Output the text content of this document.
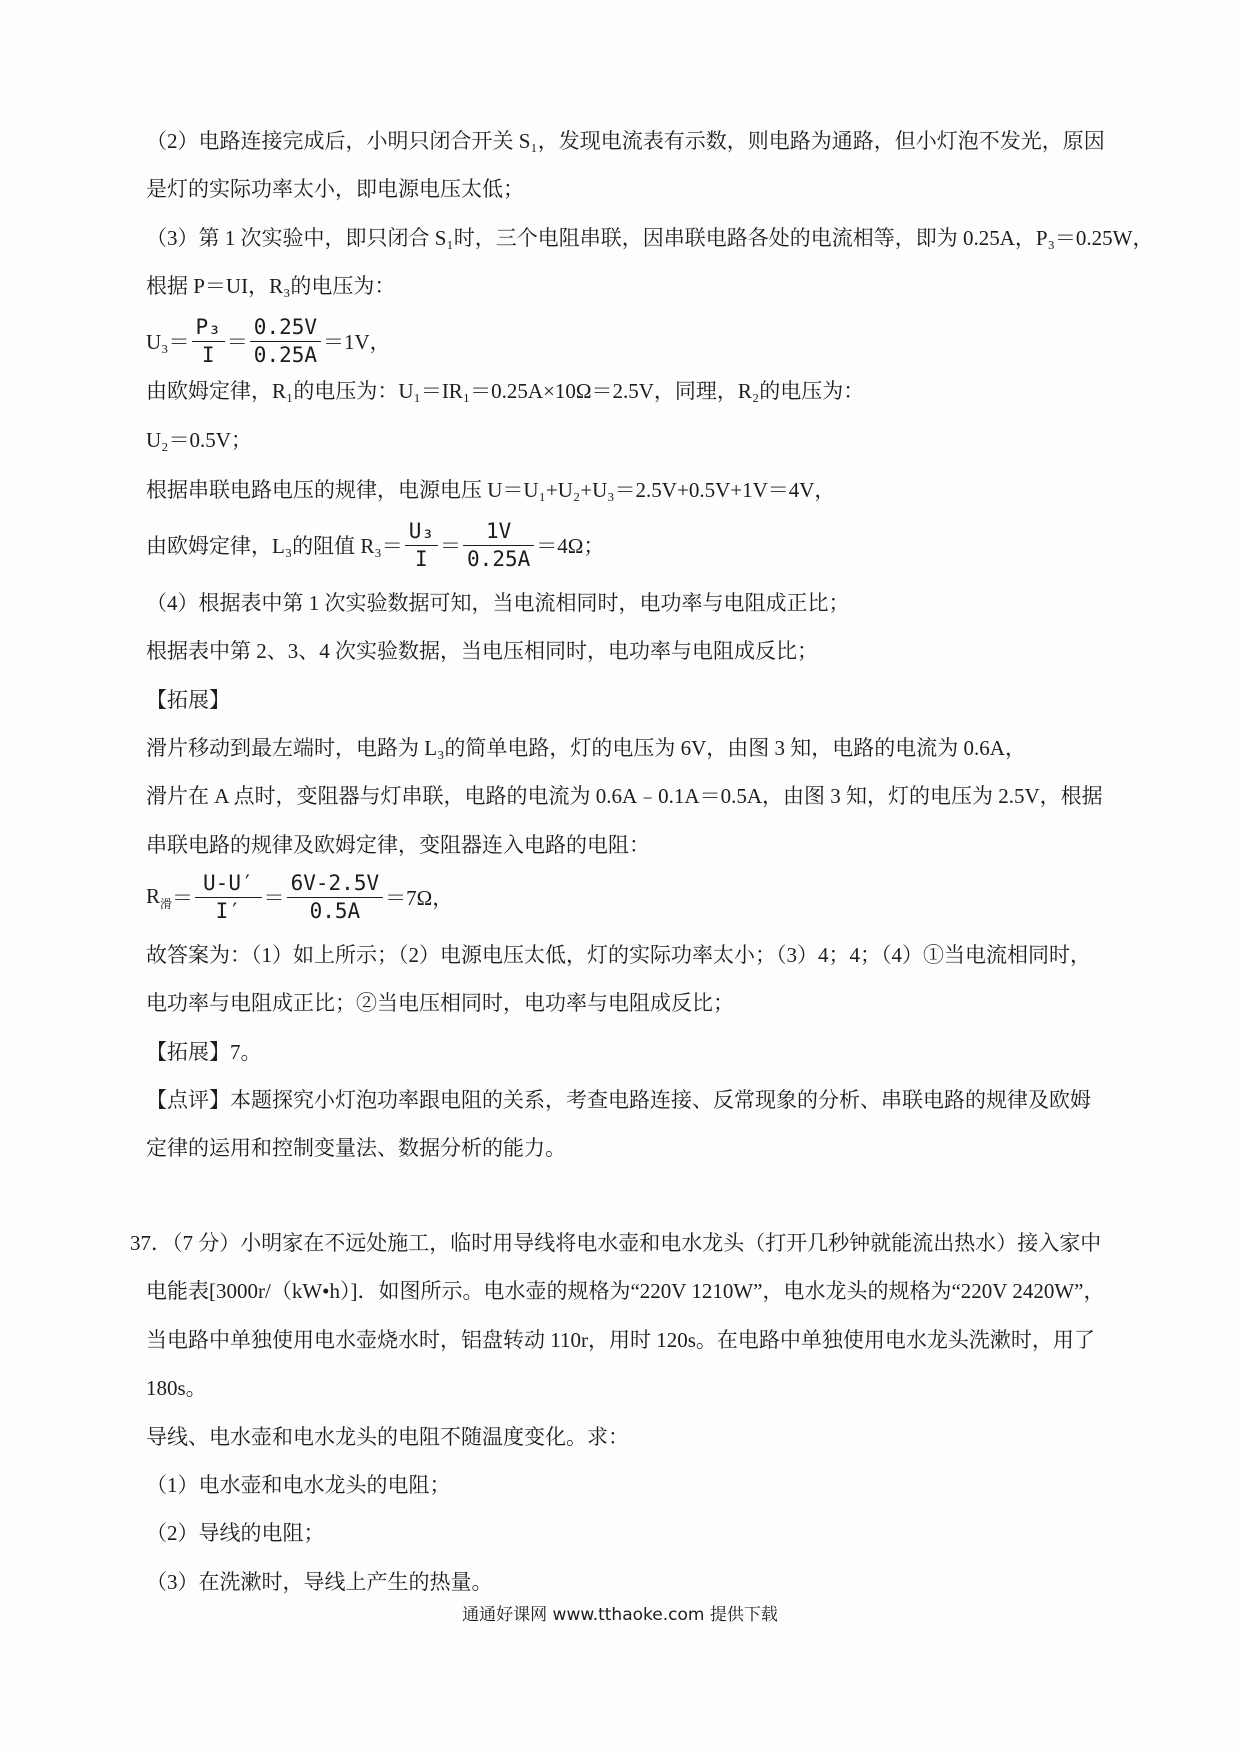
（2）电路连接完成后，小明只闭合开关 S₁，发现电流表有示数，则电路为通路，但小灯泡不发光，原因
是灯的实际功率太小，即电源电压太低；
（3）第 1 次实验中，即只闭合 S₁时，三个电阻串联，因串联电路各处的电流相等，即为 0.25A，P₃＝0.25W，
根据 P＝UI，R₃的电压为：
$U_3= \frac{\text{P₃}}{I} = \frac{0.25V}{0.25A} =1V$，
由欧姆定律，R₁的电压为：U₁＝IR₁＝0.25A×10Ω＝2.5V，同理，R₂的电压为：
U₂＝0.5V；
根据串联电路电压的规律，电源电压 U＝U₁+U₂+U₃＝2.5V+0.5V+1V＝4V，
由欧姆定律，L₃的阻值 $R_3= \frac{\text{U₃}}{I} = \frac{1V}{0.25A} =4\Omega$；
（4）根据表中第 1 次实验数据可知，当电流相同时，电功率与电阻成正比；
根据表中第 2、3、4 次实验数据，当电压相同时，电功率与电阻成反比；
【拓展】
滑片移动到最左端时，电路为 L₃的简单电路，灯的电压为 6V，由图 3 知，电路的电流为 0.6A，
滑片在 A 点时，变阻器与灯串联，电路的电流为 0.6A﹣0.1A＝0.5A，由图 3 知，灯的电压为 2.5V，根据
串联电路的规律及欧姆定律，变阻器连入电路的电阻：
$R_滑 = \frac{U-U'}{I'} = \frac{6V-2.5V}{0.5A} =7\Omega$，
故答案为：（1）如上所示；（2）电源电压太低，灯的实际功率太小；（3）4；4；（4）①当电流相同时，
电功率与电阻成正比；②当电压相同时，电功率与电阻成反比；
【拓展】7。
【点评】本题探究小灯泡功率跟电阻的关系，考查电路连接、反常现象的分析、串联电路的规律及欧姆
定律的运用和控制变量法、数据分析的能力。
37．（7 分）小明家在不远处施工，临时用导线将电水壶和电水龙头（打开几秒钟就能流出热水）接入家中
电能表[3000r/（kW•h）]．如图所示。电水壶的规格为“220V 1210W”，电水龙头的规格为“220V 2420W”，
当电路中单独使用电水壶烧水时，铝盘转动 110r，用时 120s。在电路中单独使用电水龙头洗漱时，用了
180s。
导线、电水壶和电水龙头的电阻不随温度变化。求：
（1）电水壶和电水龙头的电阻；
（2）导线的电阻；
（3）在洗漱时，导线上产生的热量。
通通好课网 www.tthaoke.com 提供下载
